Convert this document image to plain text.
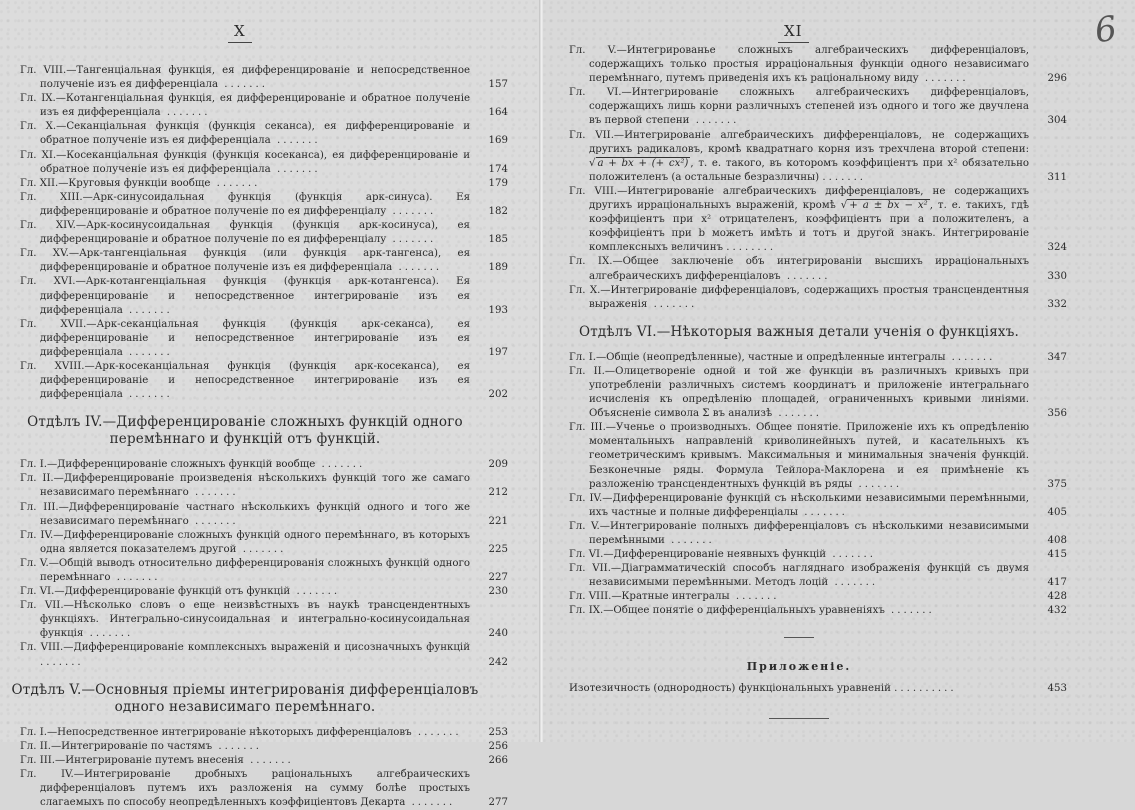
X
Гл. VIII.—Тангенціальная функція, ея дифференцированіе и непосредственное полученіе изъ ея дифференціала .......	157
Гл. IX.—Котангенціальная функція, ея дифференцированіе и обратное полученіе изъ ея дифференціала .......	164
Гл. X.—Секанціальная функція (функція секанса), ея дифференцированіе и обратное полученіе изъ ея дифференціала .......	169
Гл. XI.—Косеканціальная функція (функція косеканса), ея дифференцированіе и обратное полученіе изъ ея дифференціала .......	174
Гл. XII.—Круговыя функціи вообще .......	179
Гл. XIII.—Арк-синусоидальная функція (функція арк-синуса). Ея дифференцированіе и обратное полученіе по ея дифференціалу .......	182
Гл. XIV.—Арк-косинусоидальная функція (функція арк-косинуса), ея дифференцированіе и обратное полученіе по ея дифференціалу .......	185
Гл. XV.—Арк-тангенціальная функція (или функція арк-тангенса), ея дифференцированіе и обратное полученіе изъ ея дифференціала .......	189
Гл. XVI.—Арк-котангенціальная функція (функція арк-котангенса). Ея дифференцированіе и непосредственное интегрированіе изъ ея дифференціала .......	193
Гл. XVII.—Арк-секанціальная функція (функція арк-секанса), ея дифференцированіе и непосредственное интегрированіе изъ ея дифференціала .......	197
Гл. XVIII.—Арк-косеканціальная функція (функція арк-косеканса), ея дифференцированіе и непосредственное интегрированіе изъ ея дифференціала .......	202
Отдѣлъ IV.—Дифференцированіе сложныхъ функцій одного перемѣннаго и функцій отъ функцій.
Гл. I.—Дифференцированіе сложныхъ функцій вообще .......	209
Гл. II.—Дифференцированіе произведенія нѣсколькихъ функцій того же самаго независимаго перемѣннаго .......	212
Гл. III.—Дифференцированіе частнаго нѣсколькихъ функцій одного и того же независимаго перемѣннаго .......	221
Гл. IV.—Дифференцированіе сложныхъ функцій одного перемѣннаго, въ которыхъ одна является показателемъ другой .......	225
Гл. V.—Общій выводъ относительно дифференцированія сложныхъ функцій одного перемѣннаго .......	227
Гл. VI.—Дифференцированіе функцій отъ функцій .......	230
Гл. VII.—Нѣсколько словъ о еще неизвѣстныхъ въ наукѣ трансцендентныхъ функціяхъ. Интегрально-синусоидальная и интегрально-косинусоидальная функція .......	240
Гл. VIII.—Дифференцированіе комплексныхъ выраженій и цисозначныхъ функцій .......	242
Отдѣлъ V.—Основныя пріемы интегрированія дифференціаловъ одного независимаго перемѣннаго.
Гл. I.—Непосредственное интегрированіе нѣкоторыхъ дифференціаловъ .......	253
Гл. II.—Интегрированіе по частямъ .......	256
Гл. III.—Интегрированіе путемъ внесенія .......	266
Гл. IV.—Интегрированіе дробныхъ раціональныхъ алгебраическихъ дифференціаловъ путемъ ихъ разложенія на сумму болѣе простыхъ слагаемыхъ по способу неопредѣленныхъ коэффиціентовъ Декарта .......	277
XI	6
Гл. V.—Интегрированье сложныхъ алгебраическихъ дифференціаловъ, содержащихъ только простыя ирраціональныя функціи одного независимаго перемѣннаго, путемъ приведенія ихъ къ раціональному виду .......	296
Гл. VI.—Интегрированіе сложныхъ алгебраическихъ дифференціаловъ, содержащихъ лишь корни различныхъ степеней изъ одного и того же двучлена въ первой степени .......	304
Гл. VII.—Интегрированіе алгебраическихъ дифференціаловъ, не содержащихъ другихъ радикаловъ, кромѣ квадратнаго корня изъ трехчлена второй степени: √ a + bx + (+ cx²) , т. е. такого, въ которомъ коэффиціентъ при x² обязательно положителенъ (а остальные безразличны) .......	311
Гл. VIII.—Интегрированіе алгебраическихъ дифференціаловъ, не содержащихъ другихъ ирраціональныхъ выраженій, кромѣ √ + a ± bx − x² , т. е. такихъ, гдѣ коэффиціентъ при x² отрицателенъ, коэффиціентъ при a положителенъ, а коэффиціентъ при b можетъ имѣть и тотъ и другой знакъ. Интегрированіе комплексныхъ величинъ ........	324
Гл. IX.—Общее заключеніе объ интегрированіи высшихъ ирраціональныхъ алгебраическихъ дифференціаловъ .......	330
Гл. X.—Интегрированіе дифференціаловъ, содержащихъ простыя трансцендентныя выраженія .......	332
Отдѣлъ VI.—Нѣкоторыя важныя детали ученія о функціяхъ.
Гл. I.—Общіе (неопредѣленные), частные и опредѣленные интегралы .......	347
Гл. II.—Олицетвореніе одной и той же функціи въ различныхъ кривыхъ при употребленіи различныхъ системъ координатъ и приложеніе интегральнаго исчисленія къ опредѣленію площадей, ограниченныхъ кривыми линіями. Объясненіе символа Σ въ анализѣ .......	356
Гл. III.—Ученье о производныхъ. Общее понятіе. Приложеніе ихъ къ опредѣленію моментальныхъ направленій криволинейныхъ путей, и касательныхъ къ геометрическимъ кривымъ. Максимальныя и минимальныя значенія функцій. Безконечные ряды. Формула Тейлора-Маклорена и ея примѣненіе къ разложенію трансцендентныхъ функцій въ ряды .......	375
Гл. IV.—Дифференцированіе функцій съ нѣсколькими независимыми перемѣнными, ихъ частные и полные дифференціалы .......	405
Гл. V.—Интегрированіе полныхъ дифференціаловъ съ нѣсколькими независимыми перемѣнными .......	408
Гл. VI.—Дифференцированіе неявныхъ функцій .......	415
Гл. VII.—Діаграмматическій способъ нагляднаго изображенія функцій съ двумя независимыми перемѣнными. Методъ лоцій .......	417
Гл. VIII.—Кратные интегралы .......	428
Гл. IX.—Общее понятіе о дифференціальныхъ уравненіяхъ .......	432
Приложеніе.
Изотезичность (однородность) функціональныхъ уравненій ..........	453
